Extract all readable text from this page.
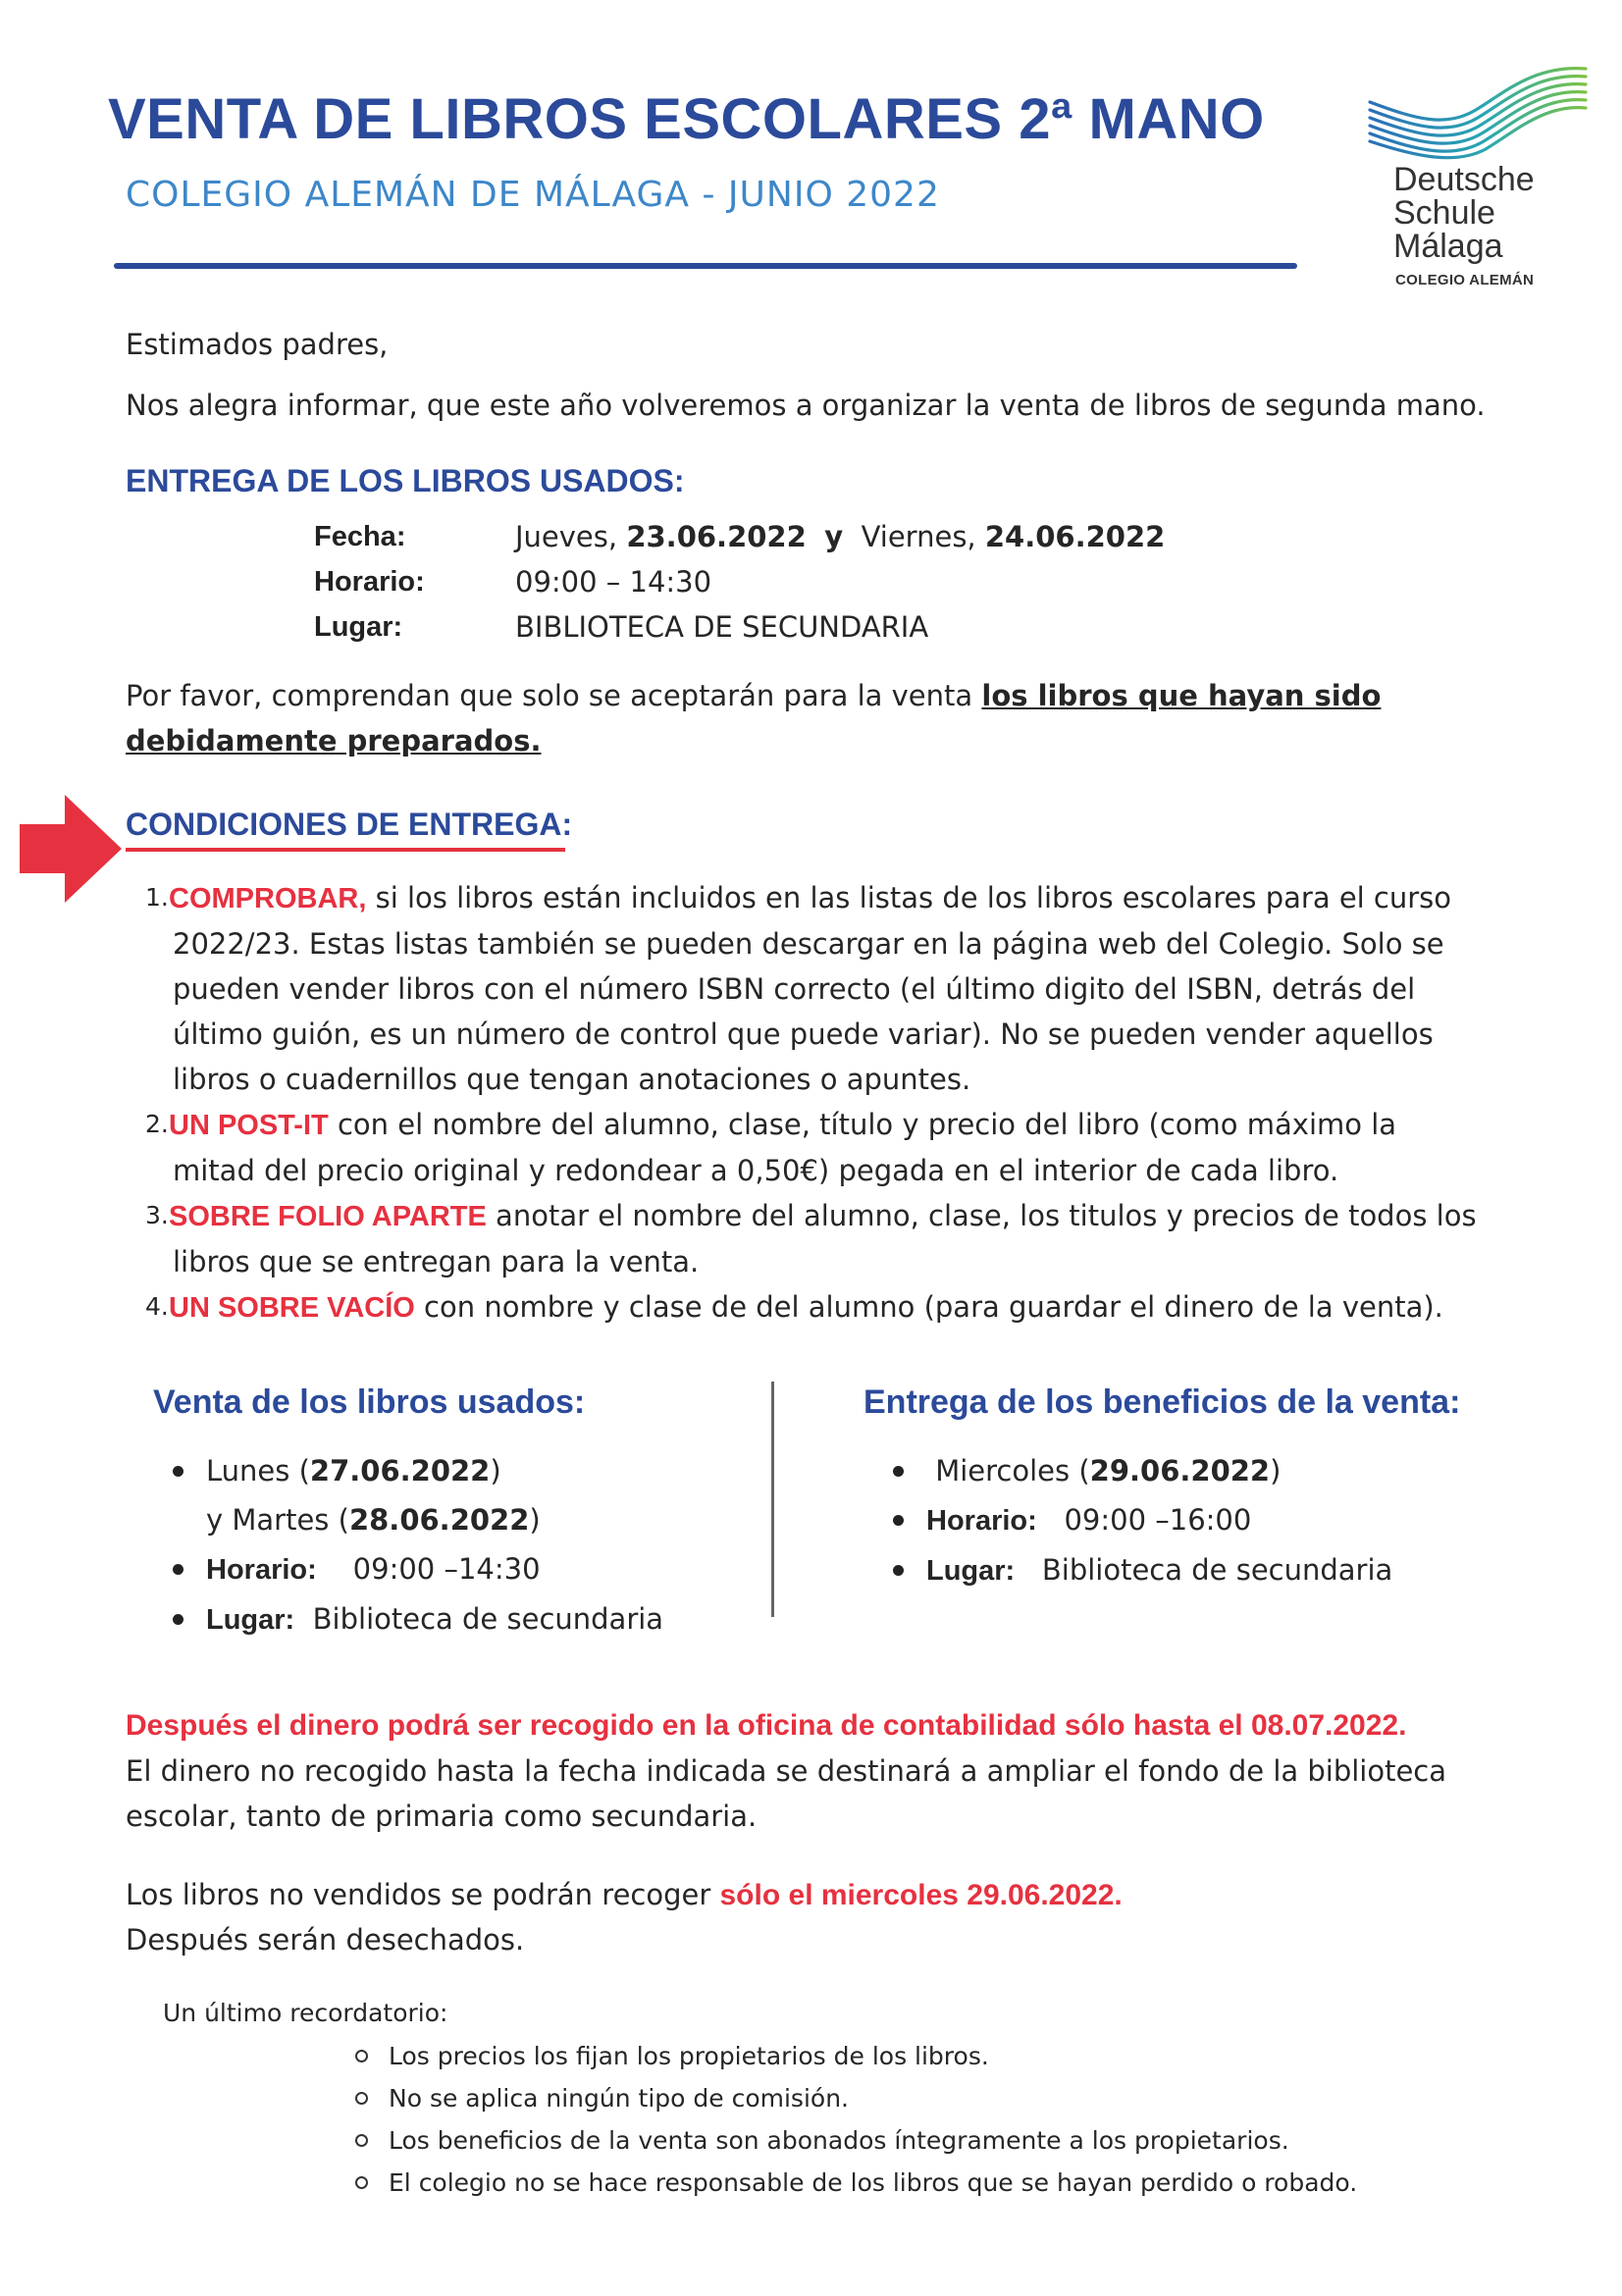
VENTA DE LIBROS ESCOLARES 2ª MANO

COLEGIO ALEMÁN DE MÁLAGA - JUNIO 2022	Deutsche
Schule
Málaga
COLEGIO ALEMÁN

Estimados padres,

Nos alegra informar, que este año volveremos a organizar la venta de libros de segunda mano.

ENTREGA DE LOS LIBROS USADOS:

Fecha:	Jueves, 23.06.2022 y Viernes, 24.06.2022
Horario:	09:00 – 14:30
Lugar:	BIBLIOTECA DE SECUNDARIA

Por favor, comprendan que solo se aceptarán para la venta los libros que hayan sido

debidamente preparados.

CONDICIONES DE ENTREGA:

1. COMPROBAR, si los libros están incluidos en las listas de los libros escolares para el curso
2022/23. Estas listas también se pueden descargar en la página web del Colegio. Solo se
pueden vender libros con el número ISBN correcto (el último digito del ISBN, detrás del
último guión, es un número de control que puede variar). No se pueden vender aquellos
libros o cuadernillos que tengan anotaciones o apuntes.
2. UN POST-IT con el nombre del alumno, clase, título y precio del libro (como máximo la
mitad del precio original y redondear a 0,50€) pegada en el interior de cada libro.
3. SOBRE FOLIO APARTE anotar el nombre del alumno, clase, los titulos y precios de todos los
libros que se entregan para la venta.
4. UN SOBRE VACÍO con nombre y clase de del alumno (para guardar el dinero de la venta).

Venta de los libros usados:

Lunes (27.06.2022)
y Martes (28.06.2022)
Horario: 09:00 –14:30
Lugar: Biblioteca de secundaria

Entrega de los beneficios de la venta:

Miercoles (29.06.2022)
Horario: 09:00 –16:00
Lugar: Biblioteca de secundaria

Después el dinero podrá ser recogido en la oficina de contabilidad sólo hasta el 08.07.2022.

El dinero no recogido hasta la fecha indicada se destinará a ampliar el fondo de la biblioteca

escolar, tanto de primaria como secundaria.

Los libros no vendidos se podrán recoger sólo el miercoles 29.06.2022.

Después serán desechados.

Un último recordatorio:

Los precios los fijan los propietarios de los libros.
No se aplica ningún tipo de comisión.
Los beneficios de la venta son abonados íntegramente a los propietarios.
El colegio no se hace responsable de los libros que se hayan perdido o robado.
